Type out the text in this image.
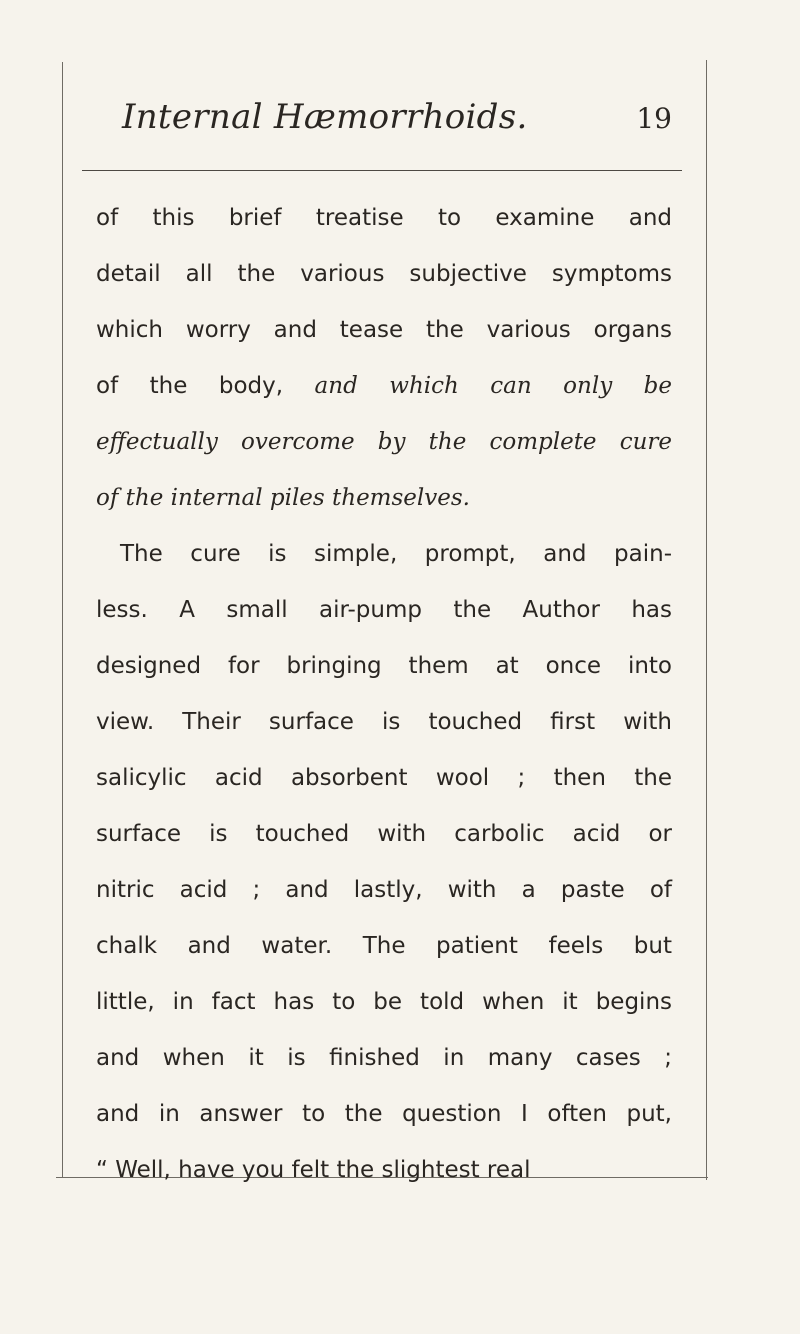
Internal Hæmorrhoids.	19
of this brief treatise to examine and
detail all the various subjective symptoms
which worry and tease the various organs
of the body, and which can only be
effectually overcome by the complete cure
of the internal piles themselves.
The cure is simple, prompt, and pain-
less. A small air-pump the Author has
designed for bringing them at once into
view. Their surface is touched first with
salicylic acid absorbent wool ; then the
surface is touched with carbolic acid or
nitric acid ; and lastly, with a paste of
chalk and water. The patient feels but
little, in fact has to be told when it begins
and when it is finished in many cases ;
and in answer to the question I often put,
“ Well, have you felt the slightest real
